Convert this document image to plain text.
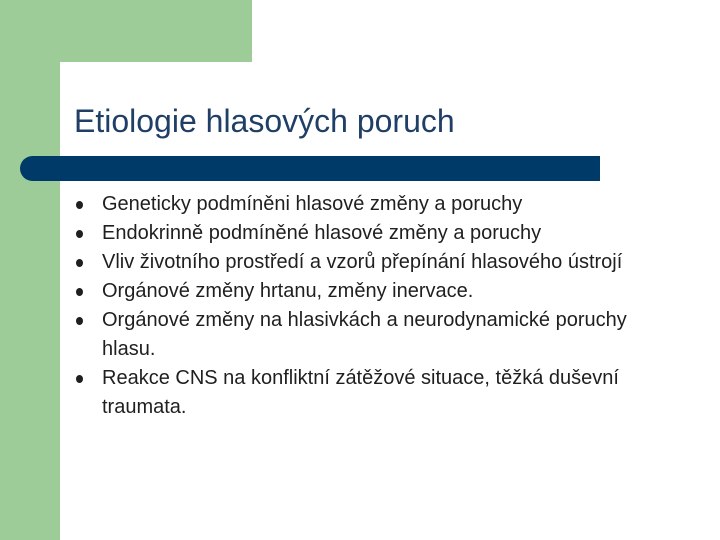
Etiologie hlasových poruch
Geneticky podmíněni hlasové změny a poruchy
Endokrinně podmíněné hlasové změny a poruchy
Vliv životního prostředí a vzorů přepínání hlasového ústrojí
Orgánové změny hrtanu, změny inervace.
Orgánové změny na hlasivkách a neurodynamické poruchy hlasu.
Reakce CNS na konfliktní zátěžové situace, těžká duševní traumata.
